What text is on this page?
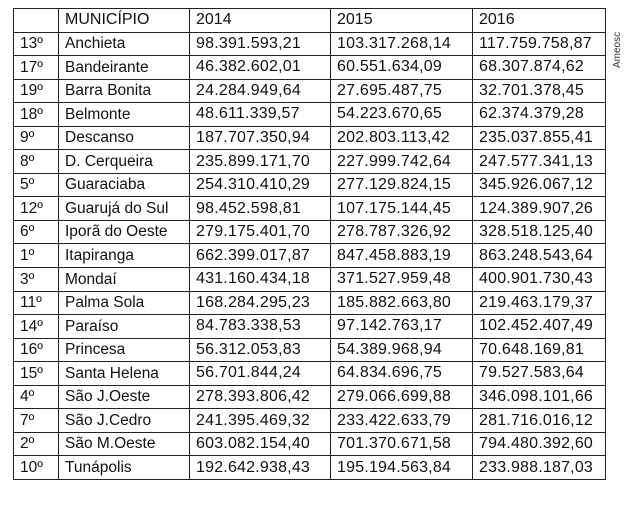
	MUNICÍPIO	2014	2015	2016
13º	Anchieta	98.391.593,21	103.317.268,14	117.759.758,87
17º	Bandeirante	46.382.602,01	60.551.634,09	68.307.874,62
19º	Barra Bonita	24.284.949,64	27.695.487,75	32.701.378,45
18º	Belmonte	48.611.339,57	54.223.670,65	62.374.379,28
9º	Descanso	187.707.350,94	202.803.113,42	235.037.855,41
8º	D. Cerqueira	235.899.171,70	227.999.742,64	247.577.341,13
5º	Guaraciaba	254.310.410,29	277.129.824,15	345.926.067,12
12º	Guarujá do Sul	98.452.598,81	107.175.144,45	124.389.907,26
6º	Iporã do Oeste	279.175.401,70	278.787.326,92	328.518.125,40
1º	Itapiranga	662.399.017,87	847.458.883,19	863.248.543,64
3º	Mondaí	431.160.434,18	371.527.959,48	400.901.730,43
11º	Palma Sola	168.284.295,23	185.882.663,80	219.463.179,37
14º	Paraíso	84.783.338,53	97.142.763,17	102.452.407,49
16º	Princesa	56.312.053,83	54.389.968,94	70.648.169,81
15º	Santa Helena	56.701.844,24	64.834.696,75	79.527.583,64
4º	São J.Oeste	278.393.806,42	279.066.699,88	346.098.101,66
7º	São J.Cedro	241.395.469,32	233.422.633,79	281.716.016,12
2º	São M.Oeste	603.082.154,40	701.370.671,58	794.480.392,60
10º	Tunápolis	192.642.938,43	195.194.563,84	233.988.187,03
Ameosc
